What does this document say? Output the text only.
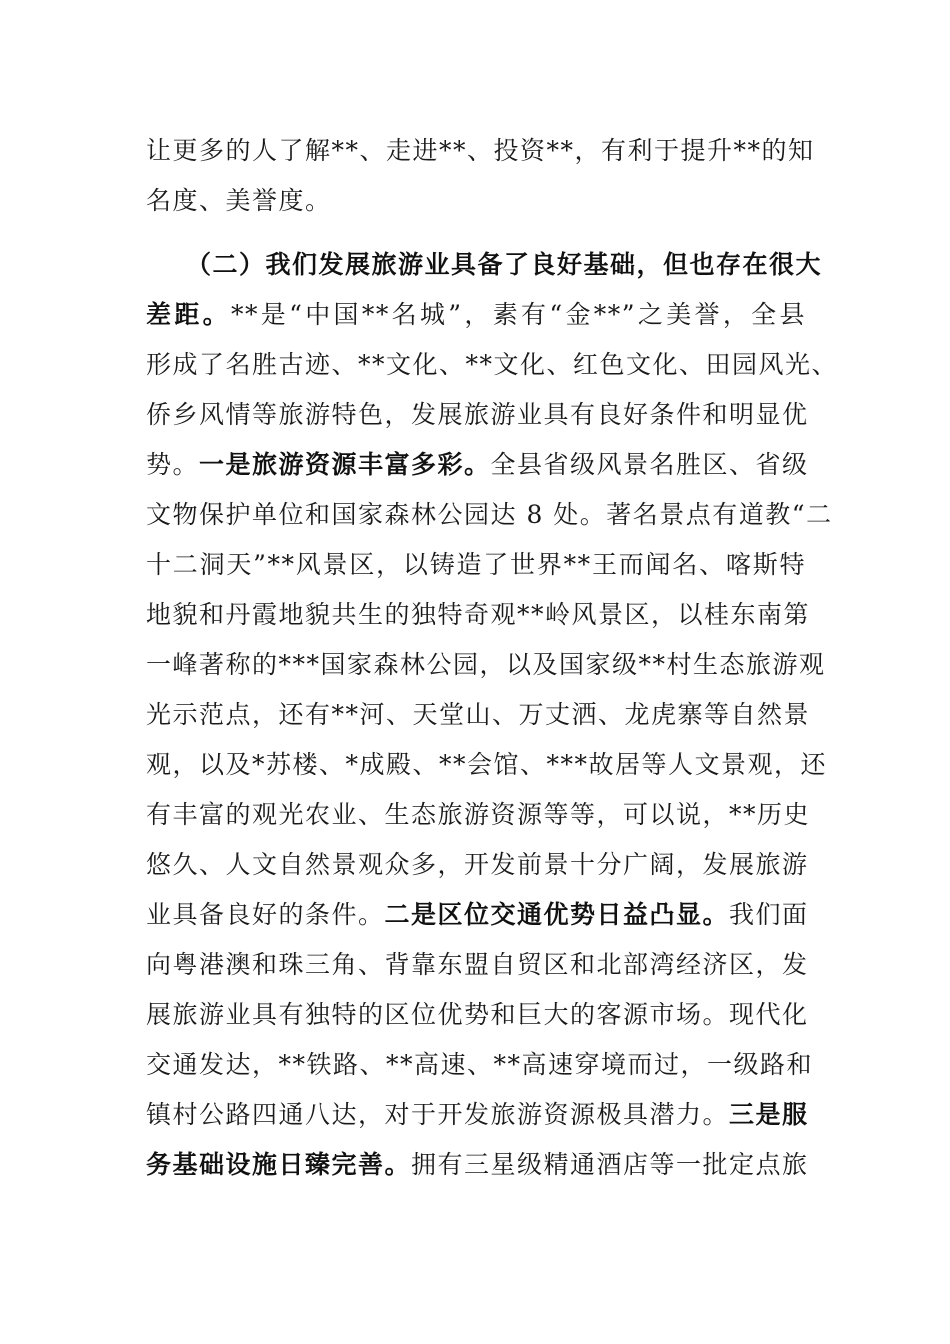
让更多的人了解**、走进**、投资**，有利于提升**的知
名度、美誉度。
（二）我们发展旅游业具备了良好基础，但也存在很大
差距。**是“中国**名城”，素有“金**”之美誉，全县
形成了名胜古迹、**文化、**文化、红色文化、田园风光、
侨乡风情等旅游特色，发展旅游业具有良好条件和明显优
势。一是旅游资源丰富多彩。全县省级风景名胜区、省级
文物保护单位和国家森林公园达 8 处。著名景点有道教“二
十二洞天”**风景区，以铸造了世界**王而闻名、喀斯特
地貌和丹霞地貌共生的独特奇观**岭风景区，以桂东南第
一峰著称的***国家森林公园，以及国家级**村生态旅游观
光示范点，还有**河、天堂山、万丈洒、龙虎寨等自然景
观，以及*苏楼、*成殿、**会馆、***故居等人文景观，还
有丰富的观光农业、生态旅游资源等等，可以说，**历史
悠久、人文自然景观众多，开发前景十分广阔，发展旅游
业具备良好的条件。二是区位交通优势日益凸显。我们面
向粤港澳和珠三角、背靠东盟自贸区和北部湾经济区，发
展旅游业具有独特的区位优势和巨大的客源市场。现代化
交通发达，**铁路、**高速、**高速穿境而过，一级路和
镇村公路四通八达，对于开发旅游资源极具潜力。三是服
务基础设施日臻完善。拥有三星级精通酒店等一批定点旅
